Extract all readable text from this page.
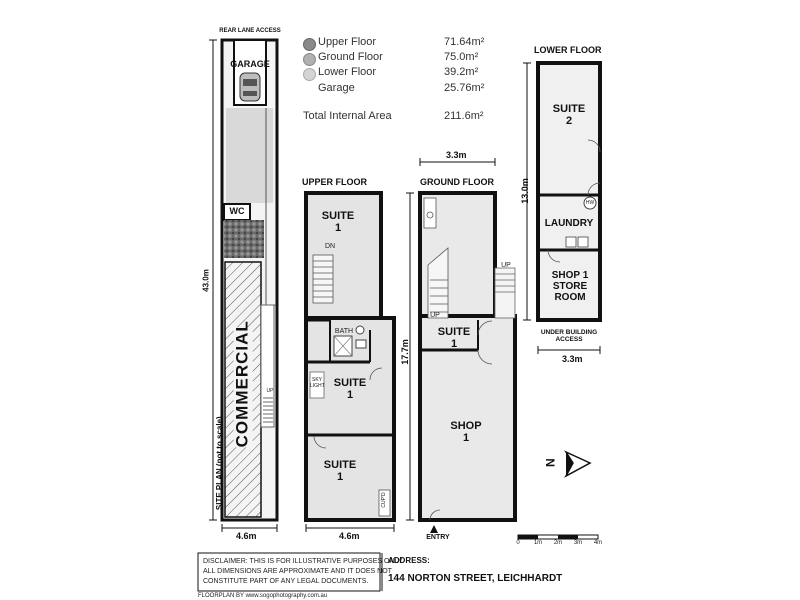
Upper Floor	71.64m²
Ground Floor	75.0m²
Lower Floor	39.2m²
Garage	25.76m²
Total Internal Area	211.6m²
REAR LANE ACCESS
GARAGE
WC
COMMERCIAL	UP
43.0m
4.6m
SITE PLAN (not to scale)
UPPER FLOOR
SUITE
1
DN
BATH
SKY LIGHT SUITE
1
SUITE
1
CUP'D
4.6m
GROUND FLOOR
3.3m
17.7m
UP
UP
SUITE
1
SHOP
1
ENTRY
LOWER FLOOR
SUITE
2
13.0m	HW
LAUNDRY
SHOP 1
STORE
ROOM
UNDER BUILDING
ACCESS
3.3m
N
0	1m	2m	3m	4m
DISCLAIMER: THIS IS FOR ILLUSTRATIVE PURPOSES ONLY.
ALL DIMENSIONS ARE APPROXIMATE AND IT DOES NOT
CONSTITUTE PART OF ANY LEGAL DOCUMENTS.
ADDRESS:
144 NORTON STREET, LEICHHARDT
FLOORPLAN BY www.sogophotography.com.au
